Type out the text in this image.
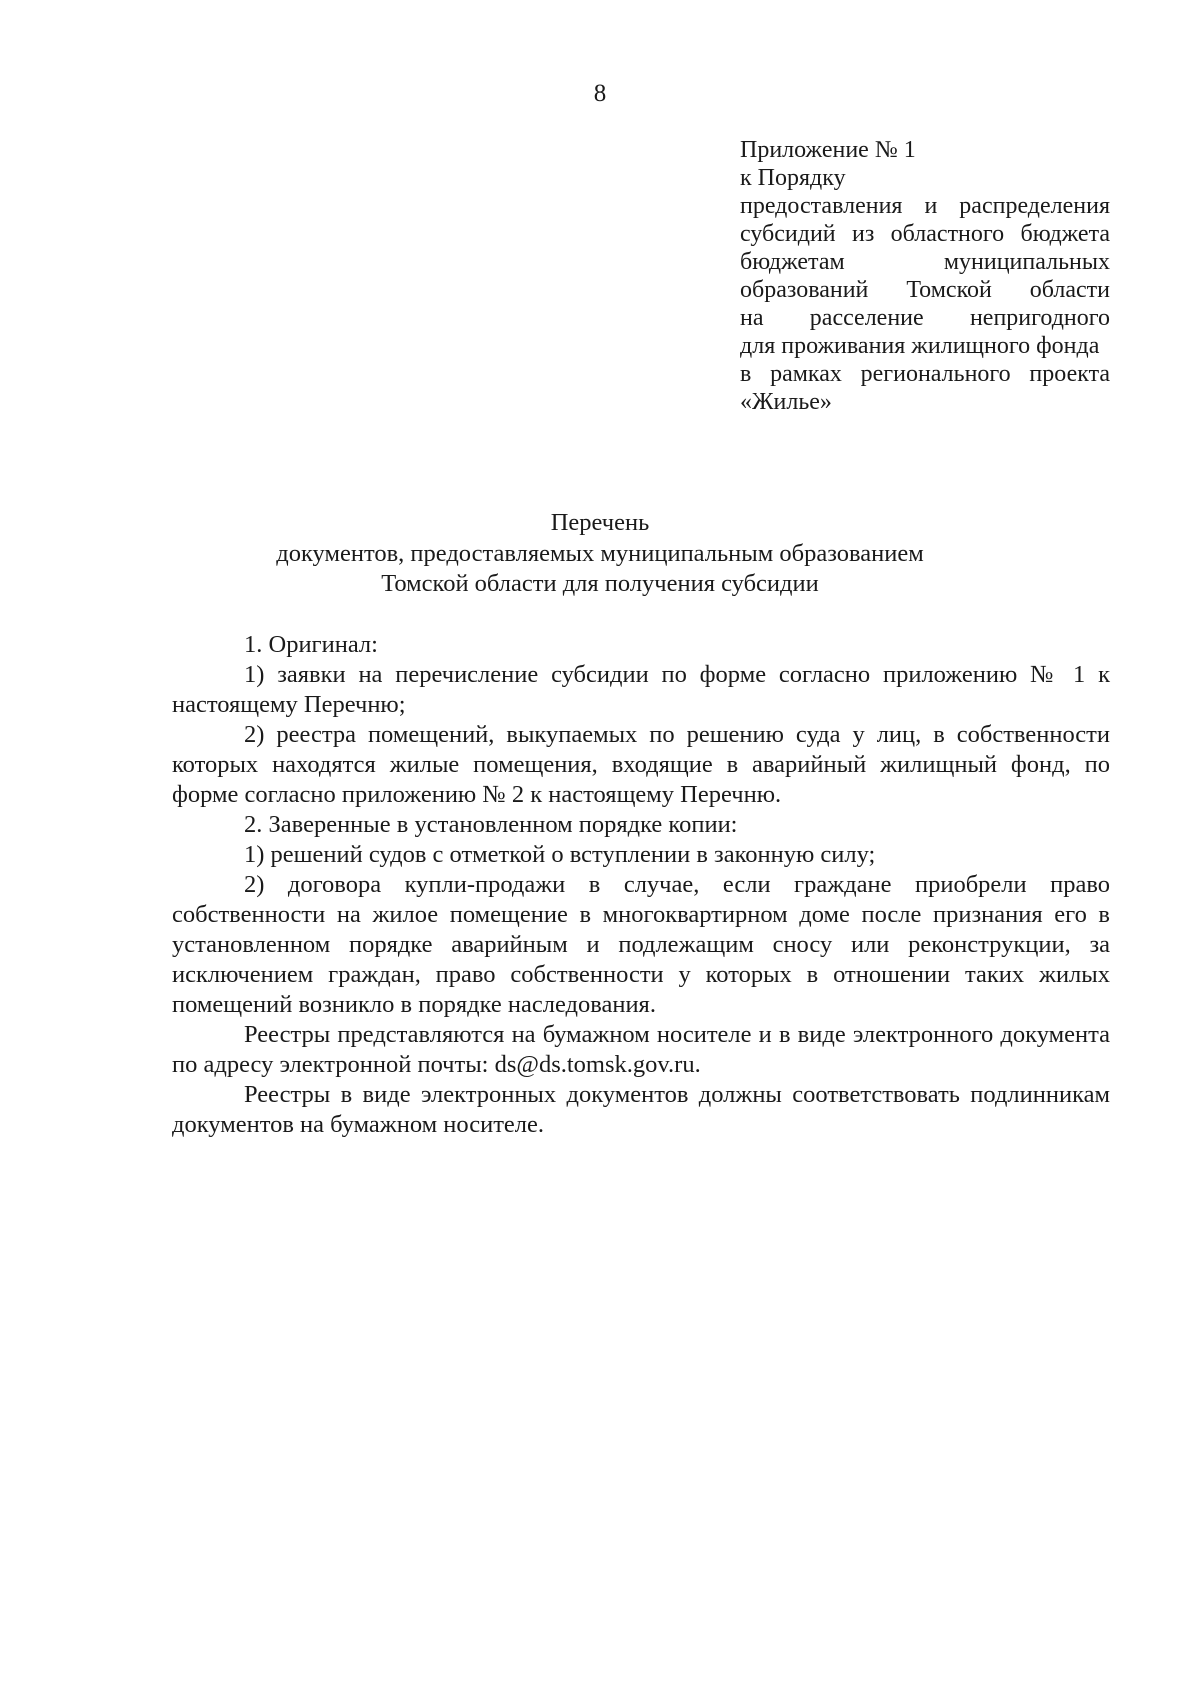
8
Приложение № 1
к Порядку
предоставления и распределения
субсидий из областного бюджета
бюджетам муниципальных
образований Томской области
на расселение непригодного
для проживания жилищного фонда
в рамках регионального проекта
«Жилье»
Перечень
документов, предоставляемых муниципальным образованием
Томской области для получения субсидии

1. Оригинал:

1) заявки на перечисление субсидии по форме согласно приложению № 1 к настоящему Перечню;

2) реестра помещений, выкупаемых по решению суда у лиц, в собственности которых находятся жилые помещения, входящие в аварийный жилищный фонд, по форме согласно приложению № 2 к настоящему Перечню.

2. Заверенные в установленном порядке копии:

1) решений судов с отметкой о вступлении в законную силу;

2) договора купли-продажи в случае, если граждане приобрели право собственности на жилое помещение в многоквартирном доме после признания его в установленном порядке аварийным и подлежащим сносу или реконструкции, за исключением граждан, право собственности у которых в отношении таких жилых помещений возникло в порядке наследования.

Реестры представляются на бумажном носителе и в виде электронного документа по адресу электронной почты: ds@ds.tomsk.gov.ru.

Реестры в виде электронных документов должны соответствовать подлинникам документов на бумажном носителе.
